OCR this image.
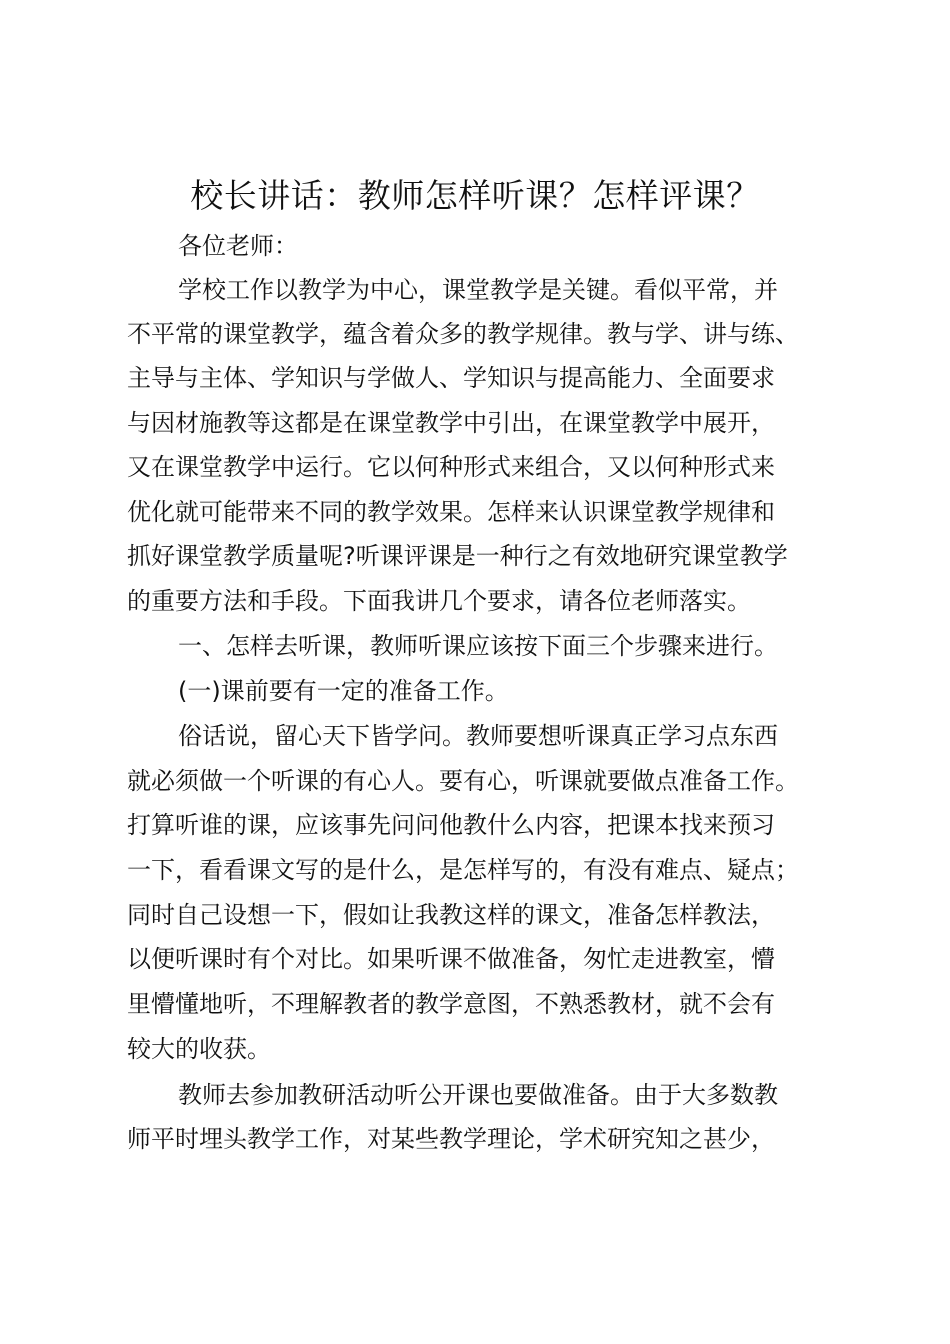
校长讲话：教师怎样听课？怎样评课？
各位老师：
学校工作以教学为中心，课堂教学是关键。看似平常，并
不平常的课堂教学，蕴含着众多的教学规律。教与学、讲与练、
主导与主体、学知识与学做人、学知识与提高能力、全面要求
与因材施教等这都是在课堂教学中引出，在课堂教学中展开，
又在课堂教学中运行。它以何种形式来组合，又以何种形式来
优化就可能带来不同的教学效果。怎样来认识课堂教学规律和
抓好课堂教学质量呢?听课评课是一种行之有效地研究课堂教学
的重要方法和手段。下面我讲几个要求，请各位老师落实。
一、怎样去听课，教师听课应该按下面三个步骤来进行。
(一)课前要有一定的准备工作。
俗话说，留心天下皆学问。教师要想听课真正学习点东西
就必须做一个听课的有心人。要有心，听课就要做点准备工作。
打算听谁的课，应该事先问问他教什么内容，把课本找来预习
一下，看看课文写的是什么，是怎样写的，有没有难点、疑点；
同时自己设想一下，假如让我教这样的课文，准备怎样教法，
以便听课时有个对比。如果听课不做准备，匆忙走进教室，懵
里懵懂地听，不理解教者的教学意图，不熟悉教材，就不会有
较大的收获。
教师去参加教研活动听公开课也要做准备。由于大多数教
师平时埋头教学工作，对某些教学理论，学术研究知之甚少，
